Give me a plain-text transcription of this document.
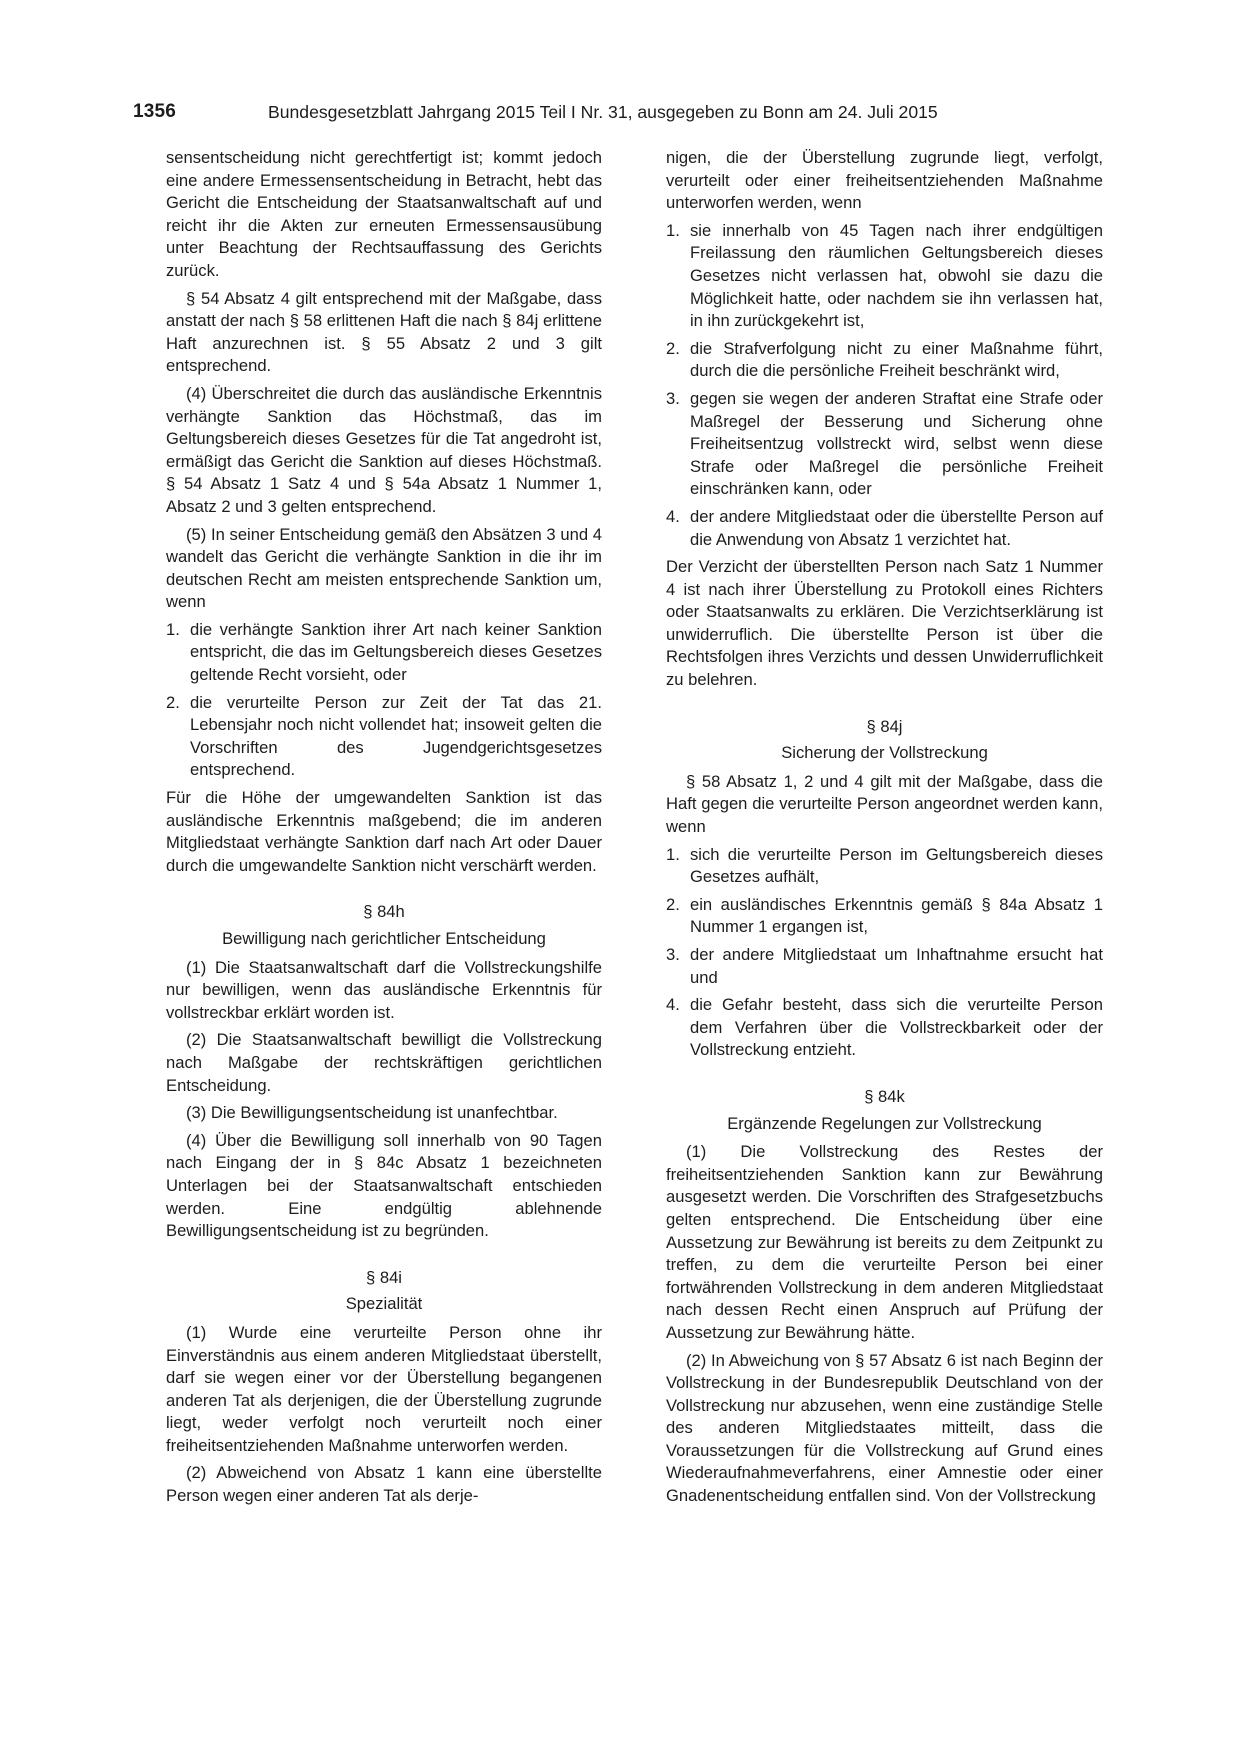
1356	Bundesgesetzblatt Jahrgang 2015 Teil I Nr. 31, ausgegeben zu Bonn am 24. Juli 2015

sensentscheidung nicht gerechtfertigt ist; kommt jedoch eine andere Ermessensentscheidung in Betracht, hebt das Gericht die Entscheidung der Staatsanwaltschaft auf und reicht ihr die Akten zur erneuten Ermessensausübung unter Beachtung der Rechtsauffassung des Gerichts zurück.

§ 54 Absatz 4 gilt entsprechend mit der Maßgabe, dass anstatt der nach § 58 erlittenen Haft die nach § 84j erlittene Haft anzurechnen ist. § 55 Absatz 2 und 3 gilt entsprechend.

(4) Überschreitet die durch das ausländische Erkenntnis verhängte Sanktion das Höchstmaß, das im Geltungsbereich dieses Gesetzes für die Tat angedroht ist, ermäßigt das Gericht die Sanktion auf dieses Höchstmaß. § 54 Absatz 1 Satz 4 und § 54a Absatz 1 Nummer 1, Absatz 2 und 3 gelten entsprechend.

(5) In seiner Entscheidung gemäß den Absätzen 3 und 4 wandelt das Gericht die verhängte Sanktion in die ihr im deutschen Recht am meisten entsprechende Sanktion um, wenn

1. die verhängte Sanktion ihrer Art nach keiner Sanktion entspricht, die das im Geltungsbereich dieses Gesetzes geltende Recht vorsieht, oder
2. die verurteilte Person zur Zeit der Tat das 21. Lebensjahr noch nicht vollendet hat; insoweit gelten die Vorschriften des Jugendgerichtsgesetzes entsprechend.

Für die Höhe der umgewandelten Sanktion ist das ausländische Erkenntnis maßgebend; die im anderen Mitgliedstaat verhängte Sanktion darf nach Art oder Dauer durch die umgewandelte Sanktion nicht verschärft werden.

§ 84h
Bewilligung nach gerichtlicher Entscheidung

(1) Die Staatsanwaltschaft darf die Vollstreckungshilfe nur bewilligen, wenn das ausländische Erkenntnis für vollstreckbar erklärt worden ist.

(2) Die Staatsanwaltschaft bewilligt die Vollstreckung nach Maßgabe der rechtskräftigen gerichtlichen Entscheidung.

(3) Die Bewilligungsentscheidung ist unanfechtbar.

(4) Über die Bewilligung soll innerhalb von 90 Tagen nach Eingang der in § 84c Absatz 1 bezeichneten Unterlagen bei der Staatsanwaltschaft entschieden werden. Eine endgültig ablehnende Bewilligungsentscheidung ist zu begründen.

§ 84i
Spezialität

(1) Wurde eine verurteilte Person ohne ihr Einverständnis aus einem anderen Mitgliedstaat überstellt, darf sie wegen einer vor der Überstellung begangenen anderen Tat als derjenigen, die der Überstellung zugrunde liegt, weder verfolgt noch verurteilt noch einer freiheitsentziehenden Maßnahme unterworfen werden.

(2) Abweichend von Absatz 1 kann eine überstellte Person wegen einer anderen Tat als derje-

nigen, die der Überstellung zugrunde liegt, verfolgt, verurteilt oder einer freiheitsentziehenden Maßnahme unterworfen werden, wenn

1. sie innerhalb von 45 Tagen nach ihrer endgültigen Freilassung den räumlichen Geltungsbereich dieses Gesetzes nicht verlassen hat, obwohl sie dazu die Möglichkeit hatte, oder nachdem sie ihn verlassen hat, in ihn zurückgekehrt ist,
2. die Strafverfolgung nicht zu einer Maßnahme führt, durch die die persönliche Freiheit beschränkt wird,
3. gegen sie wegen der anderen Straftat eine Strafe oder Maßregel der Besserung und Sicherung ohne Freiheitsentzug vollstreckt wird, selbst wenn diese Strafe oder Maßregel die persönliche Freiheit einschränken kann, oder
4. der andere Mitgliedstaat oder die überstellte Person auf die Anwendung von Absatz 1 verzichtet hat.

Der Verzicht der überstellten Person nach Satz 1 Nummer 4 ist nach ihrer Überstellung zu Protokoll eines Richters oder Staatsanwalts zu erklären. Die Verzichtserklärung ist unwiderruflich. Die überstellte Person ist über die Rechtsfolgen ihres Verzichts und dessen Unwiderruflichkeit zu belehren.

§ 84j
Sicherung der Vollstreckung

§ 58 Absatz 1, 2 und 4 gilt mit der Maßgabe, dass die Haft gegen die verurteilte Person angeordnet werden kann, wenn

1. sich die verurteilte Person im Geltungsbereich dieses Gesetzes aufhält,
2. ein ausländisches Erkenntnis gemäß § 84a Absatz 1 Nummer 1 ergangen ist,
3. der andere Mitgliedstaat um Inhaftnahme ersucht hat und
4. die Gefahr besteht, dass sich die verurteilte Person dem Verfahren über die Vollstreckbarkeit oder der Vollstreckung entzieht.
§ 84k
Ergänzende Regelungen zur Vollstreckung

(1) Die Vollstreckung des Restes der freiheitsentziehenden Sanktion kann zur Bewährung ausgesetzt werden. Die Vorschriften des Strafgesetzbuchs gelten entsprechend. Die Entscheidung über eine Aussetzung zur Bewährung ist bereits zu dem Zeitpunkt zu treffen, zu dem die verurteilte Person bei einer fortwährenden Vollstreckung in dem anderen Mitgliedstaat nach dessen Recht einen Anspruch auf Prüfung der Aussetzung zur Bewährung hätte.

(2) In Abweichung von § 57 Absatz 6 ist nach Beginn der Vollstreckung in der Bundesrepublik Deutschland von der Vollstreckung nur abzusehen, wenn eine zuständige Stelle des anderen Mitgliedstaates mitteilt, dass die Voraussetzungen für die Vollstreckung auf Grund eines Wiederaufnahmeverfahrens, einer Amnestie oder einer Gnadenentscheidung entfallen sind. Von der Vollstreckung
